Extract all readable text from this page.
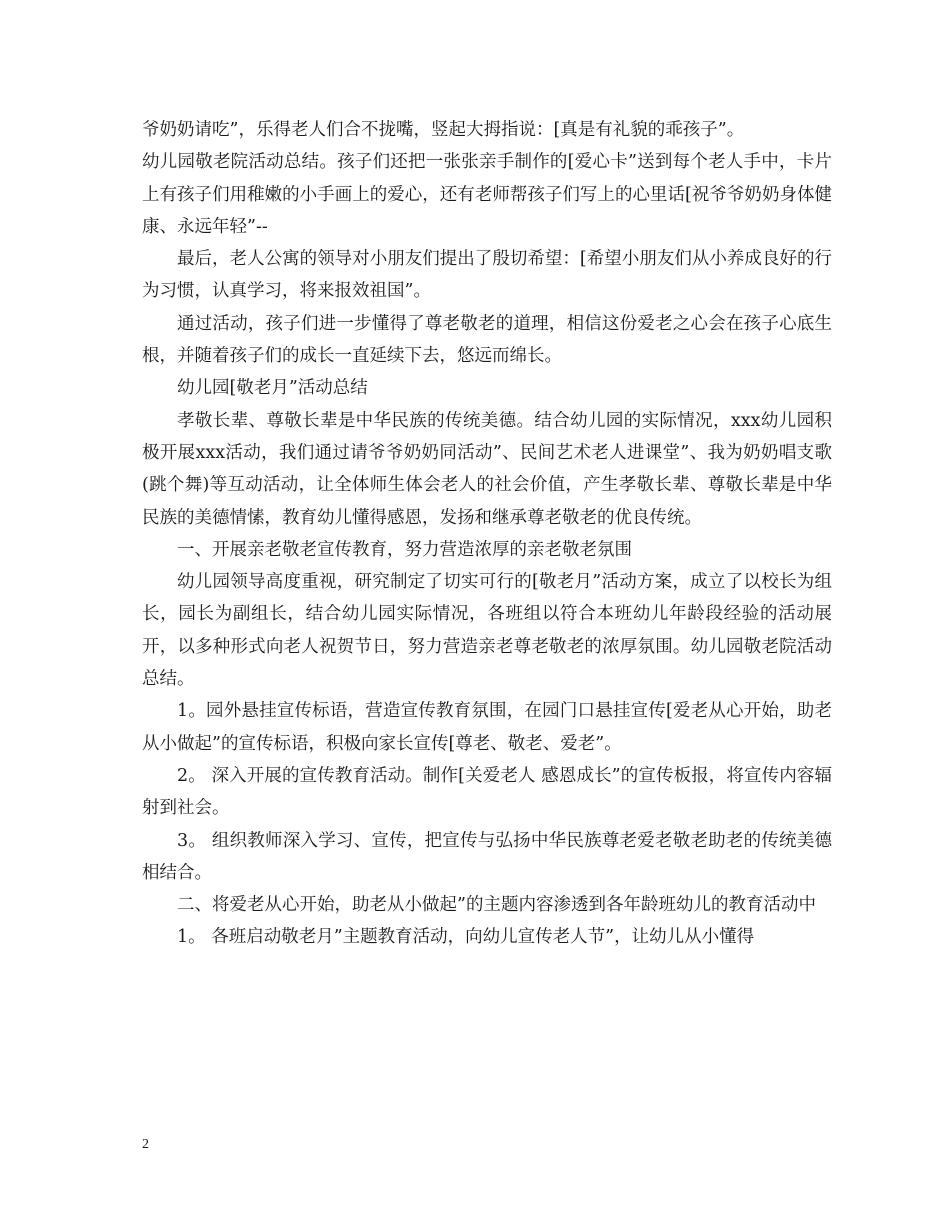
爷奶奶请吃”，乐得老人们合不拢嘴，竖起大拇指说：[真是有礼貌的乖孩子”。

幼儿园敬老院活动总结。孩子们还把一张张亲手制作的[爱心卡”送到每个老人手中，卡片上有孩子们用稚嫩的小手画上的爱心，还有老师帮孩子们写上的心里话[祝爷爷奶奶身体健康、永远年轻”--

最后，老人公寓的领导对小朋友们提出了殷切希望：[希望小朋友们从小养成良好的行为习惯，认真学习，将来报效祖国”。

通过活动，孩子们进一步懂得了尊老敬老的道理，相信这份爱老之心会在孩子心底生根，并随着孩子们的成长一直延续下去，悠远而绵长。

幼儿园[敬老月”活动总结

孝敬长辈、尊敬长辈是中华民族的传统美德。结合幼儿园的实际情况，xxx幼儿园积极开展xxx活动，我们通过请爷爷奶奶同活动”、民间艺术老人进课堂”、我为奶奶唱支歌(跳个舞)等互动活动，让全体师生体会老人的社会价值，产生孝敬长辈、尊敬长辈是中华民族的美德情愫，教育幼儿懂得感恩，发扬和继承尊老敬老的优良传统。

一、开展亲老敬老宣传教育，努力营造浓厚的亲老敬老氛围

幼儿园领导高度重视，研究制定了切实可行的[敬老月”活动方案，成立了以校长为组长，园长为副组长，结合幼儿园实际情况，各班组以符合本班幼儿年龄段经验的活动展开，以多种形式向老人祝贺节日，努力营造亲老尊老敬老的浓厚氛围。幼儿园敬老院活动总结。

1。园外悬挂宣传标语，营造宣传教育氛围，在园门口悬挂宣传[爱老从心开始，助老从小做起”的宣传标语，积极向家长宣传[尊老、敬老、爱老”。

2。 深入开展的宣传教育活动。制作[关爱老人 感恩成长”的宣传板报，将宣传内容辐射到社会。

3。 组织教师深入学习、宣传，把宣传与弘扬中华民族尊老爱老敬老助老的传统美德相结合。

二、将爱老从心开始，助老从小做起”的主题内容渗透到各年龄班幼儿的教育活动中

1。 各班启动敬老月”主题教育活动，向幼儿宣传老人节”，让幼儿从小懂得

2
